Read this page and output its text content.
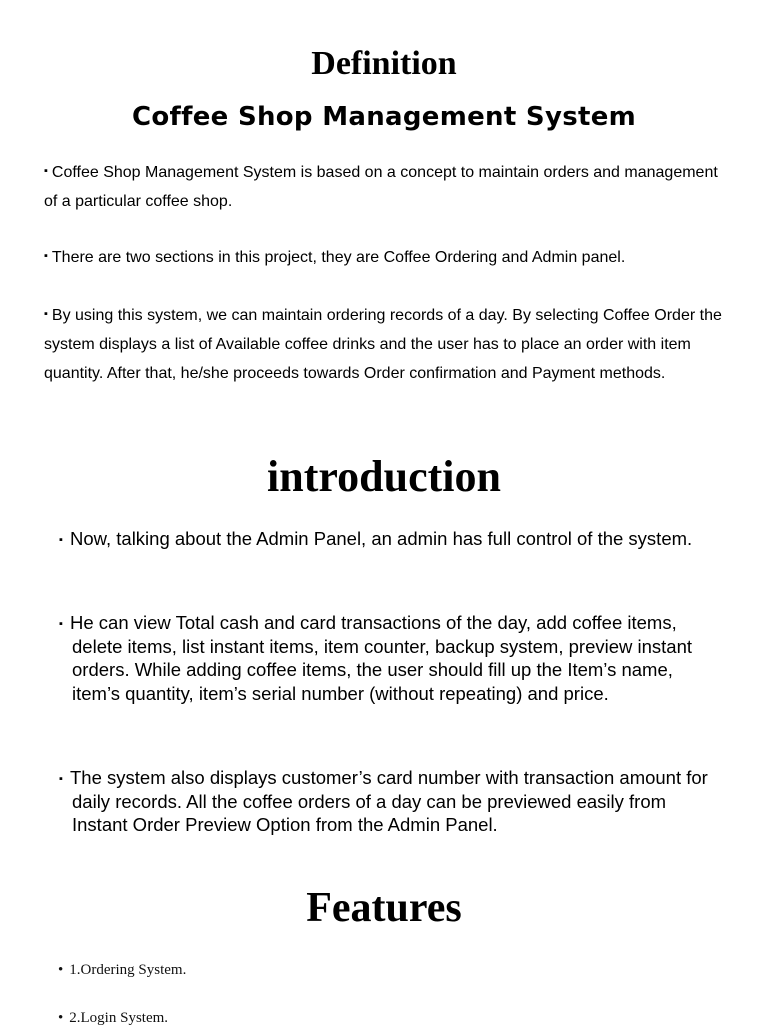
Definition
Coffee Shop Management System
▪ Coffee Shop Management System is based on a concept to maintain orders and management of a particular coffee shop.
▪ There are two sections in this project, they are Coffee Ordering and Admin panel.
▪ By using this system, we can maintain ordering records of a day. By selecting Coffee Order the system displays a list of Available coffee drinks and the user has to place an order with item quantity. After that, he/she proceeds towards Order confirmation and Payment methods.
introduction
▪ Now, talking about the Admin Panel, an admin has full control of the system.
▪ He can view Total cash and card transactions of the day, add coffee items, delete items, list instant items, item counter, backup system, preview instant orders. While adding coffee items, the user should fill up the Item’s name, item’s quantity, item’s serial number (without repeating) and price.
▪ The system also displays customer’s card number with transaction amount for daily records. All the coffee orders of a day can be previewed easily from Instant Order Preview Option from the Admin Panel.
Features
• 1.Ordering System.
• 2.Login System.
